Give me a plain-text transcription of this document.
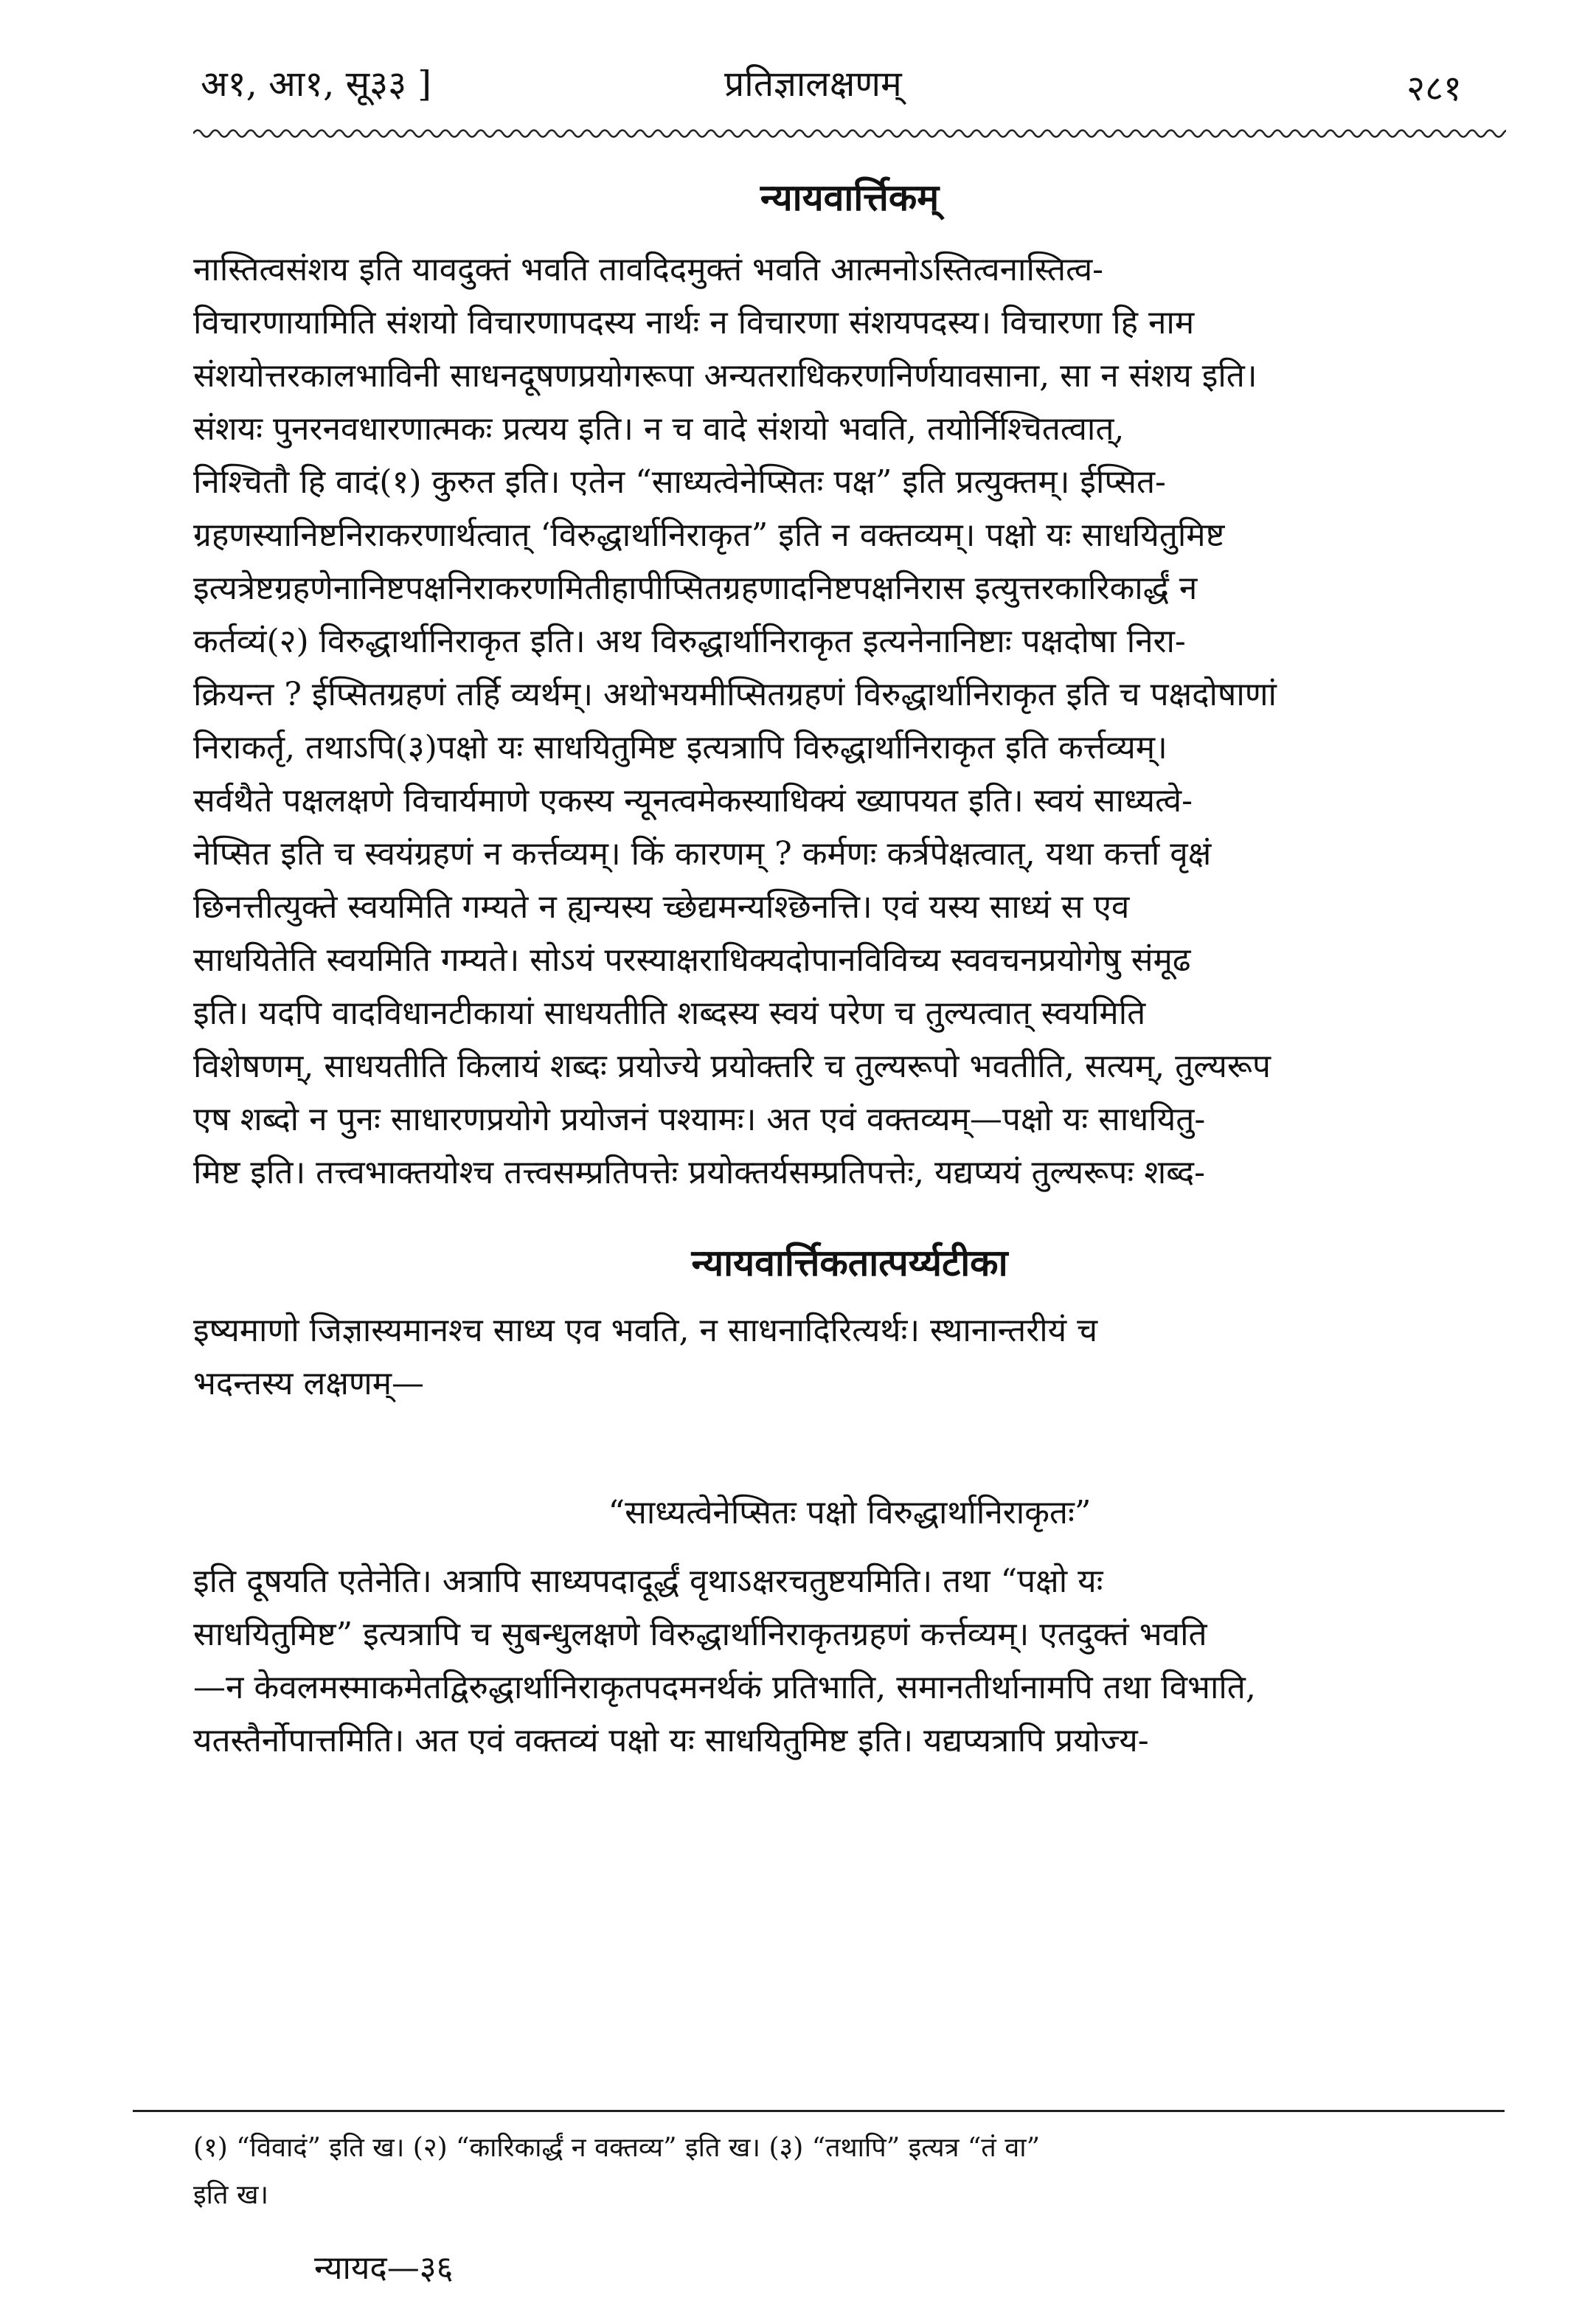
अ१, आ१, सू३३ ]	प्रतिज्ञालक्षणम्	२८१
न्यायवार्त्तिकम्
नास्तित्वसंशय इति यावदुक्तं भवति तावदिदमुक्तं भवति आत्मनोऽस्तित्वनास्तित्व-
विचारणायामिति संशयो विचारणापदस्य नार्थः न विचारणा संशयपदस्य। विचारणा हि नाम
संशयोत्तरकालभाविनी साधनदूषणप्रयोगरूपा अन्यतराधिकरणनिर्णयावसाना, सा न संशय इति।
संशयः पुनरनवधारणात्मकः प्रत्यय इति। न च वादे संशयो भवति, तयोर्निश्चितत्वात्,
निश्चितौ हि वादं(१) कुरुत इति। एतेन “साध्यत्वेनेप्सितः पक्ष” इति प्रत्युक्तम्। ईप्सित-
ग्रहणस्यानिष्टनिराकरणार्थत्वात् ‘विरुद्धार्थानिराकृत” इति न वक्तव्यम्। पक्षो यः साधयितुमिष्ट
इत्यत्रेष्टग्रहणेनानिष्टपक्षनिराकरणमितीहापीप्सितग्रहणादनिष्टपक्षनिरास इत्युत्तरकारिकार्द्धं न
कर्तव्यं(२) विरुद्धार्थानिराकृत इति। अथ विरुद्धार्थानिराकृत इत्यनेनानिष्टाः पक्षदोषा निरा-
क्रियन्त ? ईप्सितग्रहणं तर्हि व्यर्थम्। अथोभयमीप्सितग्रहणं विरुद्धार्थानिराकृत इति च पक्षदोषाणां
निराकर्तृ, तथाऽपि(३)पक्षो यः साधयितुमिष्ट इत्यत्रापि विरुद्धार्थानिराकृत इति कर्त्तव्यम्।
सर्वथैते पक्षलक्षणे विचार्यमाणे एकस्य न्यूनत्वमेकस्याधिक्यं ख्यापयत इति। स्वयं साध्यत्वे-
नेप्सित इति च स्वयंग्रहणं न कर्त्तव्यम्। किं कारणम् ? कर्मणः कर्त्रपेक्षत्वात्, यथा कर्त्ता वृक्षं
छिनत्तीत्युक्ते स्वयमिति गम्यते न ह्यन्यस्य च्छेद्यमन्यश्छिनत्ति। एवं यस्य साध्यं स एव
साधयितेति स्वयमिति गम्यते। सोऽयं परस्याक्षराधिक्यदोपानविविच्य स्ववचनप्रयोगेषु संमूढ
इति। यदपि वादविधानटीकायां साधयतीति शब्दस्य स्वयं परेण च तुल्यत्वात् स्वयमिति
विशेषणम्, साधयतीति किलायं शब्दः प्रयोज्ये प्रयोक्तरि च तुल्यरूपो भवतीति, सत्यम्, तुल्यरूप
एष शब्दो न पुनः साधारणप्रयोगे प्रयोजनं पश्यामः। अत एवं वक्तव्यम्—पक्षो यः साधयितु-
मिष्ट इति। तत्त्वभाक्तयोश्च तत्त्वसम्प्रतिपत्तेः प्रयोक्तर्यसम्प्रतिपत्तेः, यद्यप्ययं तुल्यरूपः शब्द-
न्यायवार्त्तिकतात्पर्य्यटीका
इष्यमाणो जिज्ञास्यमानश्च साध्य एव भवति, न साधनादिरित्यर्थः। स्थानान्तरीयं च
भदन्तस्य लक्षणम्—
“साध्यत्वेनेप्सितः पक्षो विरुद्धार्थानिराकृतः”
इति दूषयति एतेनेति। अत्रापि साध्यपदादूर्द्धं वृथाऽक्षरचतुष्टयमिति। तथा “पक्षो यः
साधयितुमिष्ट” इत्यत्रापि च सुबन्धुलक्षणे विरुद्धार्थानिराकृतग्रहणं कर्त्तव्यम्। एतदुक्तं भवति
—न केवलमस्माकमेतद्विरुद्धार्थानिराकृतपदमनर्थकं प्रतिभाति, समानतीर्थानामपि तथा विभाति,
यतस्तैर्नोपात्तमिति। अत एवं वक्तव्यं पक्षो यः साधयितुमिष्ट इति। यद्यप्यत्रापि प्रयोज्य-
(१) “विवादं” इति ख। (२) “कारिकार्द्धं न वक्तव्य” इति ख। (३) “तथापि” इत्यत्र “तं वा”
इति ख।
न्यायद—३६
